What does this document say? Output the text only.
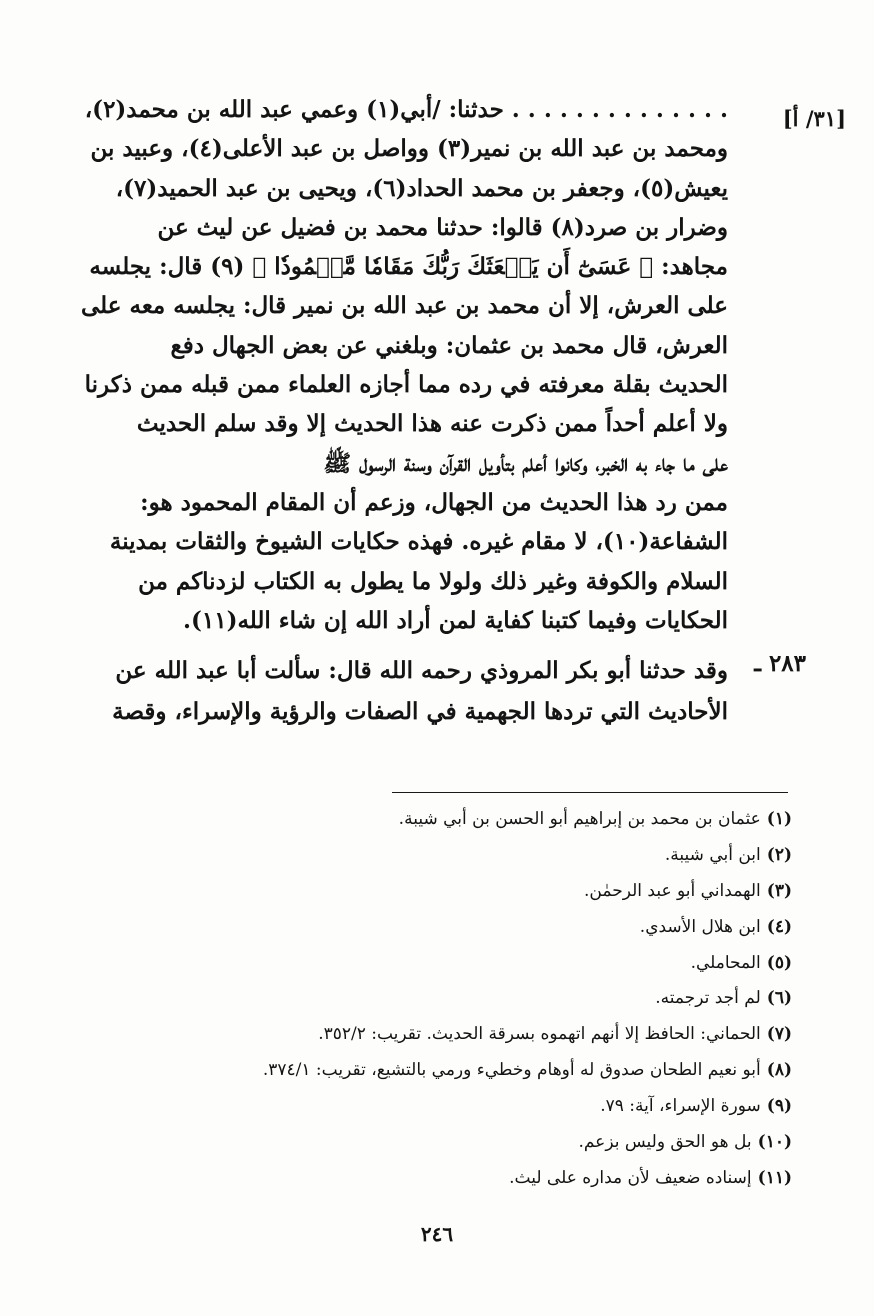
[٣١/ أ]
. . . . . . . . . . . . . . حدثنا: /أبي(١) وعمي عبد الله بن محمد(٢)،
ومحمد بن عبد الله بن نمير(٣) وواصل بن عبد الأعلى(٤)، وعبيد بن
يعيش(٥)، وجعفر بن محمد الحداد(٦)، ويحيى بن عبد الحميد(٧)،
وضرار بن صرد(٨) قالوا: حدثنا محمد بن فضيل عن ليث عن
مجاهد: ﴿ عَسَىٰٓ أَن يَبۡعَثَكَ رَبُّكَ مَقَامٗا مَّحۡمُودٗا ﴾ (٩) قال: يجلسه
على العرش، إلا أن محمد بن عبد الله بن نمير قال: يجلسه معه على
العرش، قال محمد بن عثمان: وبلغني عن بعض الجهال دفع
الحديث بقلة معرفته في رده مما أجازه العلماء ممن قبله ممن ذكرنا
ولا أعلم أحداً ممن ذكرت عنه هذا الحديث إلا وقد سلم الحديث
على ما جاء به الخبر، وكانوا أعلم بتأويل القرآن وسنة الرسول ﷺ
ممن رد هذا الحديث من الجهال، وزعم أن المقام المحمود هو:
الشفاعة(١٠)، لا مقام غيره. فهذه حكايات الشيوخ والثقات بمدينة
السلام والكوفة وغير ذلك ولولا ما يطول به الكتاب لزدناكم من
الحكايات وفيما كتبنا كفاية لمن أراد الله إن شاء الله(١١).
٢٨٣ ـ
وقد حدثنا أبو بكر المروذي رحمه الله قال: سألت أبا عبد الله عن
الأحاديث التي تردها الجهمية في الصفات والرؤية والإسراء، وقصة
(١)عثمان بن محمد بن إبراهيم أبو الحسن بن أبي شيبة.
(٢)ابن أبي شيبة.
(٣)الهمداني أبو عبد الرحمٰن.
(٤)ابن هلال الأسدي.
(٥)المحاملي.
(٦)لم أجد ترجمته.
(٧)الحماني: الحافظ إلا أنهم اتهموه بسرقة الحديث. تقريب: ٣٥٢/٢.
(٨)أبو نعيم الطحان صدوق له أوهام وخطيء ورمي بالتشيع، تقريب: ٣٧٤/١.
(٩)سورة الإسراء، آية: ٧٩.
(١٠)بل هو الحق وليس بزعم.
(١١)إسناده ضعيف لأن مداره على ليث.
٢٤٦
